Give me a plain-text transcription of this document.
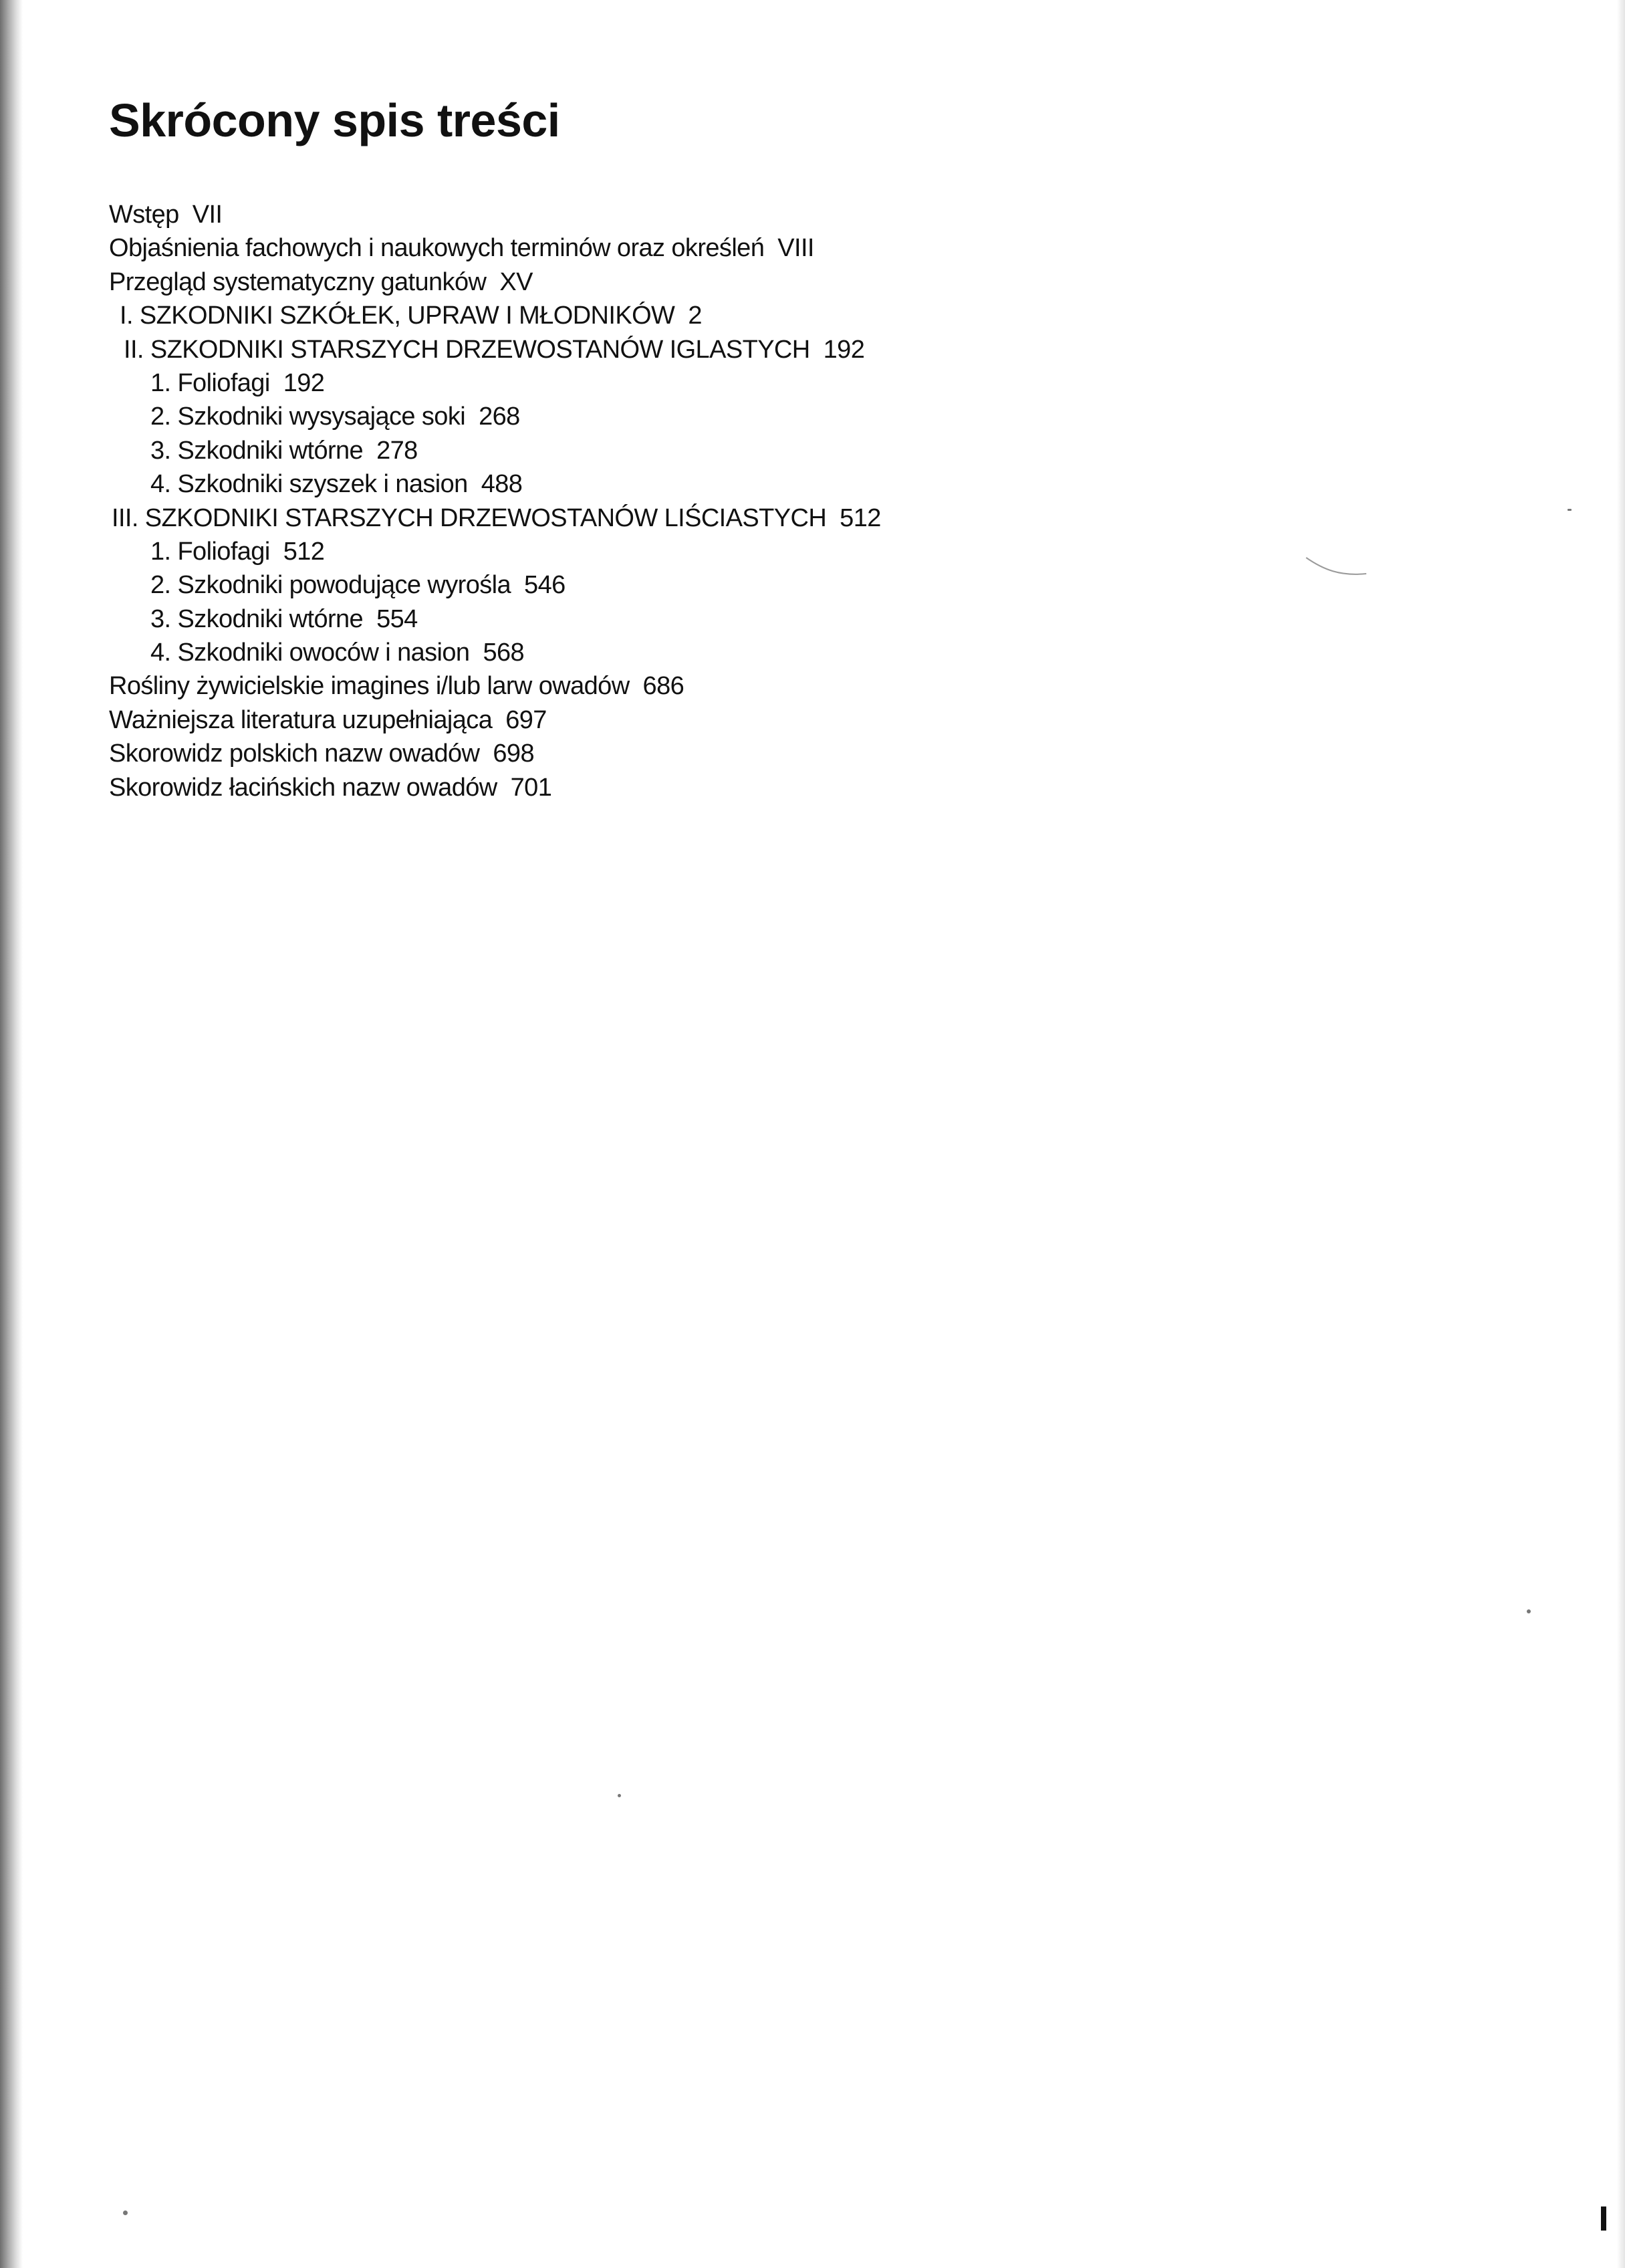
Skrócony spis treści
Wstęp VII
Objaśnienia fachowych i naukowych terminów oraz określeń VIII
Przegląd systematyczny gatunków XV
I. SZKODNIKI SZKÓŁEK, UPRAW I MŁODNIKÓW 2
II. SZKODNIKI STARSZYCH DRZEWOSTANÓW IGLASTYCH 192
1. Foliofagi 192
2. Szkodniki wysysające soki 268
3. Szkodniki wtórne 278
4. Szkodniki szyszek i nasion 488
III. SZKODNIKI STARSZYCH DRZEWOSTANÓW LIŚCIASTYCH 512
1. Foliofagi 512
2. Szkodniki powodujące wyrośla 546
3. Szkodniki wtórne 554
4. Szkodniki owoców i nasion 568
Rośliny żywicielskie imagines i/lub larw owadów 686
Ważniejsza literatura uzupełniająca 697
Skorowidz polskich nazw owadów 698
Skorowidz łacińskich nazw owadów 701
